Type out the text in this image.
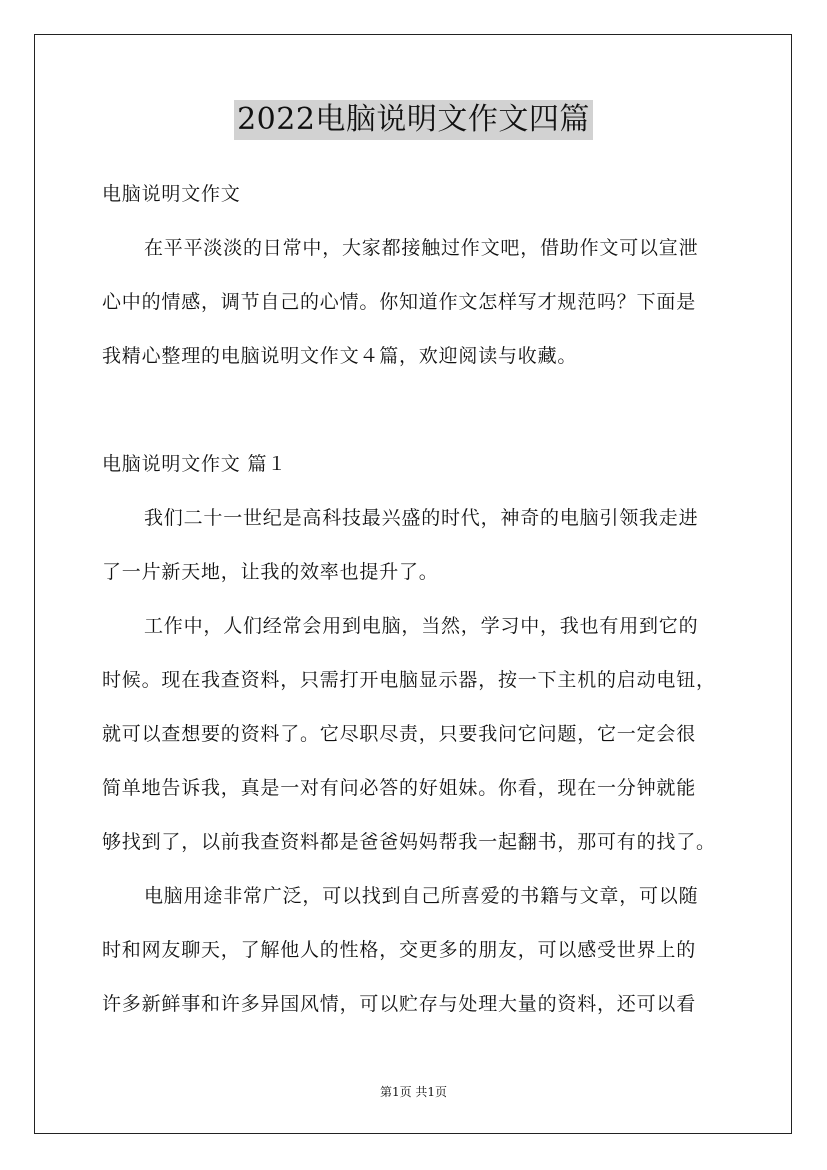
2022电脑说明文作文四篇
电脑说明文作文
在平平淡淡的日常中，大家都接触过作文吧，借助作文可以宣泄
心中的情感，调节自己的心情。你知道作文怎样写才规范吗？下面是
我精心整理的电脑说明文作文４篇，欢迎阅读与收藏。
电脑说明文作文 篇１
我们二十一世纪是高科技最兴盛的时代，神奇的电脑引领我走进
了一片新天地，让我的效率也提升了。
工作中，人们经常会用到电脑，当然，学习中，我也有用到它的
时候。现在我查资料，只需打开电脑显示器，按一下主机的启动电钮，
就可以查想要的资料了。它尽职尽责，只要我问它问题，它一定会很
简单地告诉我，真是一对有问必答的好姐妹。你看，现在一分钟就能
够找到了，以前我查资料都是爸爸妈妈帮我一起翻书，那可有的找了。
电脑用途非常广泛，可以找到自己所喜爱的书籍与文章，可以随
时和网友聊天，了解他人的性格，交更多的朋友，可以感受世界上的
许多新鲜事和许多异国风情，可以贮存与处理大量的资料，还可以看
第1页 共1页
